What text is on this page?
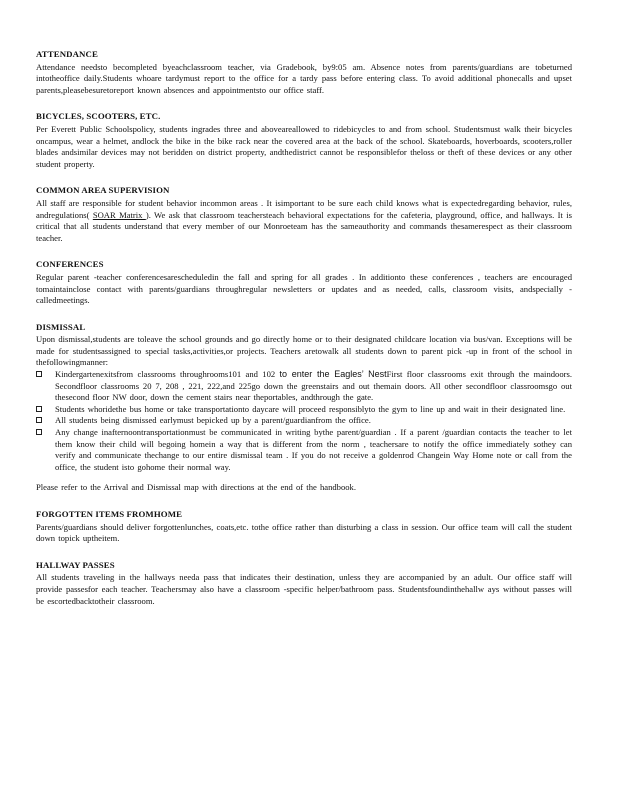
ATTENDANCE

Attendance needsto becompleted byeachclassroom teacher, via Gradebook, by9:05 am. Absence notes from parents/guardians are tobeturned intotheoffice daily.Students whoare tardymust report to the office for a tardy pass before entering class. To avoid additional phonecalls and upset parents,pleasebesuretoreport known absences and appointmentsto our office staff.

BICYCLES, SCOOTERS, ETC.

Per Everett Public Schoolspolicy, students ingrades three and aboveareallowed to ridebicycles to and from school. Studentsmust walk their bicycles oncampus, wear a helmet, andlock the bike in the bike rack near the covered area at the back of the school. Skateboards, hoverboards, scooters,roller blades andsimilar devices may not beridden on district property, andthedistrict cannot be responsiblefor theloss or theft of these devices or any other student property.

COMMON AREA SUPERVISION

All staff are responsible for student behavior incommon areas . It isimportant to be sure each child knows what is expectedregarding behavior, rules, andregulations( SOAR Matrix ). We ask that classroom teachersteach behavioral expectations for the cafeteria, playground, office, and hallways. It is critical that all students understand that every member of our Monroeteam has the sameauthority and commands thesamerespect as their classroom teacher.

CONFERENCES

Regular parent -teacher conferencesarescheduledin the fall and spring for all grades . In additionto these conferences , teachers are encouraged tomaintainclose contact with parents/guardians throughregular newsletters or updates and as needed, calls, classroom visits, andspecially -calledmeetings.

DISMISSAL

Upon dismissal,students are toleave the school grounds and go directly home or to their designated childcare location via bus/van. Exceptions will be made for studentsassigned to special tasks,activities,or projects. Teachers aretowalk all students down to parent pick -up in front of the school in thefollowingmanner:

Kindergartenexitsfrom classrooms throughrooms101 and 102 to enter the Eagles’ NestFirst floor classrooms exit through the maindoors. Secondfloor classrooms 20 7, 208 , 221, 222,and 225go down the greenstairs and out themain doors. All other secondfloor classroomsgo out thesecond floor NW door, down the cement stairs near theportables, andthrough the gate.
Students whoridethe bus home or take transportationto daycare will proceed responsiblyto the gym to line up and wait in their designated line.
All students being dismissed earlymust bepicked up by a parent/guardianfrom the office.
Any change inafternoontransportationmust be communicated in writing bythe parent/guardian . If a parent /guardian contacts the teacher to let them know their child will begoing homein a way that is different from the norm , teachersare to notify the office immediately sothey can verify and communicate thechange to our entire dismissal team . If you do not receive a goldenrod Changein Way Home note or call from the office, the student isto gohome their normal way.

Please refer to the Arrival and Dismissal map with directions at the end of the handbook.

FORGOTTEN ITEMS FROMHOME

Parents/guardians should deliver forgottenlunches, coats,etc. tothe office rather than disturbing a class in session. Our office team will call the student down topick uptheitem.

HALLWAY PASSES

All students traveling in the hallways needa pass that indicates their destination, unless they are accompanied by an adult. Our office staff will provide passesfor each teacher. Teachersmay also have a classroom -specific helper/bathroom pass. Studentsfoundinthehallw ays without passes will be escortedbacktotheir classroom.
